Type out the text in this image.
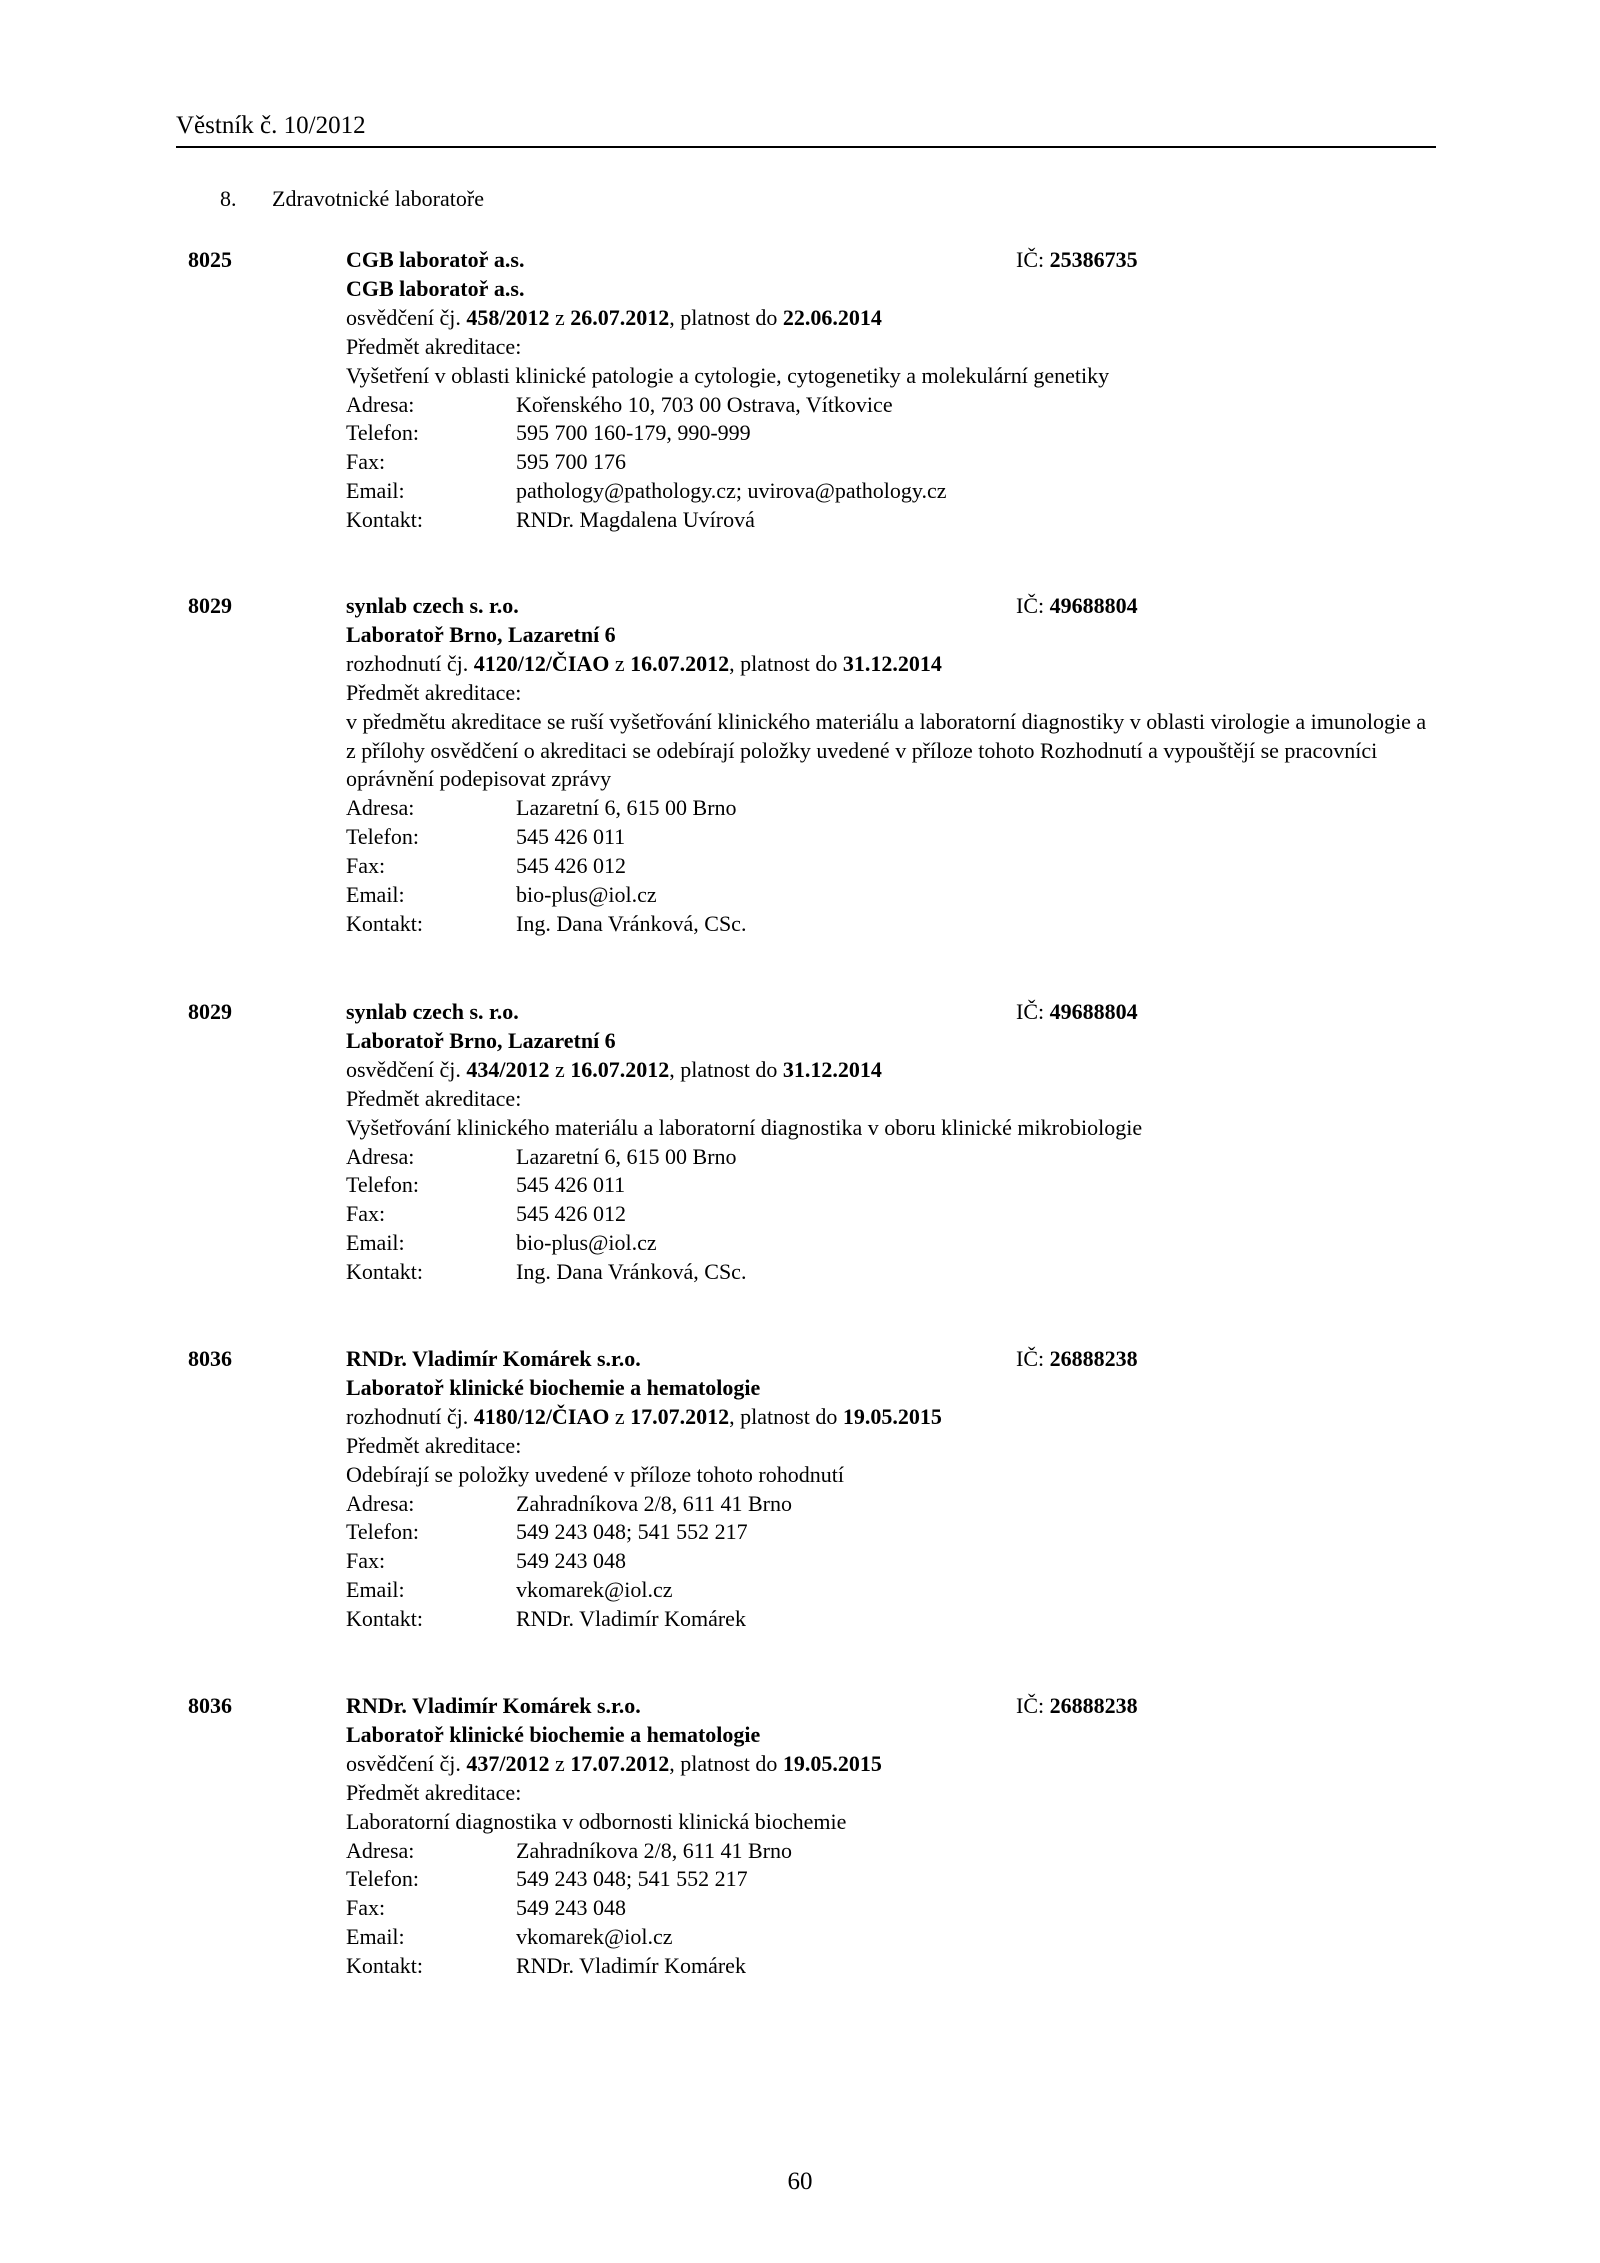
Věstník č. 10/2012
8. Zdravotnické laboratoře
8025	CGB laboratoř a.s.	IČ: 25386735
CGB laboratoř a.s.
osvědčení čj. 458/2012 z 26.07.2012, platnost do 22.06.2014
Předmět akreditace:
Vyšetření v oblasti klinické patologie a cytologie, cytogenetiky a molekulární genetiky
Adresa:	Kořenského 10, 703 00 Ostrava, Vítkovice
Telefon:	595 700 160-179, 990-999
Fax:	595 700 176
Email:	pathology@pathology.cz; uvirova@pathology.cz
Kontakt:	RNDr. Magdalena Uvírová
8029	synlab czech s. r.o.	IČ: 49688804
Laboratoř Brno, Lazaretní 6
rozhodnutí čj. 4120/12/ČIAO z 16.07.2012, platnost do 31.12.2014
Předmět akreditace:
v předmětu akreditace se ruší vyšetřování klinického materiálu a laboratorní diagnostiky v oblasti virologie a imunologie a z přílohy osvědčení o akreditaci se odebírají položky uvedené v příloze tohoto Rozhodnutí a vypouštějí se pracovníci oprávnění podepisovat zprávy
Adresa:	Lazaretní 6, 615 00 Brno
Telefon:	545 426 011
Fax:	545 426 012
Email:	bio-plus@iol.cz
Kontakt:	Ing. Dana Vránková, CSc.
8029	synlab czech s. r.o.	IČ: 49688804
Laboratoř Brno, Lazaretní 6
osvědčení čj. 434/2012 z 16.07.2012, platnost do 31.12.2014
Předmět akreditace:
Vyšetřování klinického materiálu a laboratorní diagnostika v oboru klinické mikrobiologie
Adresa:	Lazaretní 6, 615 00 Brno
Telefon:	545 426 011
Fax:	545 426 012
Email:	bio-plus@iol.cz
Kontakt:	Ing. Dana Vránková, CSc.
8036	RNDr. Vladimír Komárek s.r.o.	IČ: 26888238
Laboratoř klinické biochemie a hematologie
rozhodnutí čj. 4180/12/ČIAO z 17.07.2012, platnost do 19.05.2015
Předmět akreditace:
Odebírají se položky uvedené v příloze tohoto rohodnutí
Adresa:	Zahradníkova 2/8, 611 41 Brno
Telefon:	549 243 048; 541 552 217
Fax:	549 243 048
Email:	vkomarek@iol.cz
Kontakt:	RNDr. Vladimír Komárek
8036	RNDr. Vladimír Komárek s.r.o.	IČ: 26888238
Laboratoř klinické biochemie a hematologie
osvědčení čj. 437/2012 z 17.07.2012, platnost do 19.05.2015
Předmět akreditace:
Laboratorní diagnostika v odbornosti klinická biochemie
Adresa:	Zahradníkova 2/8, 611 41 Brno
Telefon:	549 243 048; 541 552 217
Fax:	549 243 048
Email:	vkomarek@iol.cz
Kontakt:	RNDr. Vladimír Komárek
60
